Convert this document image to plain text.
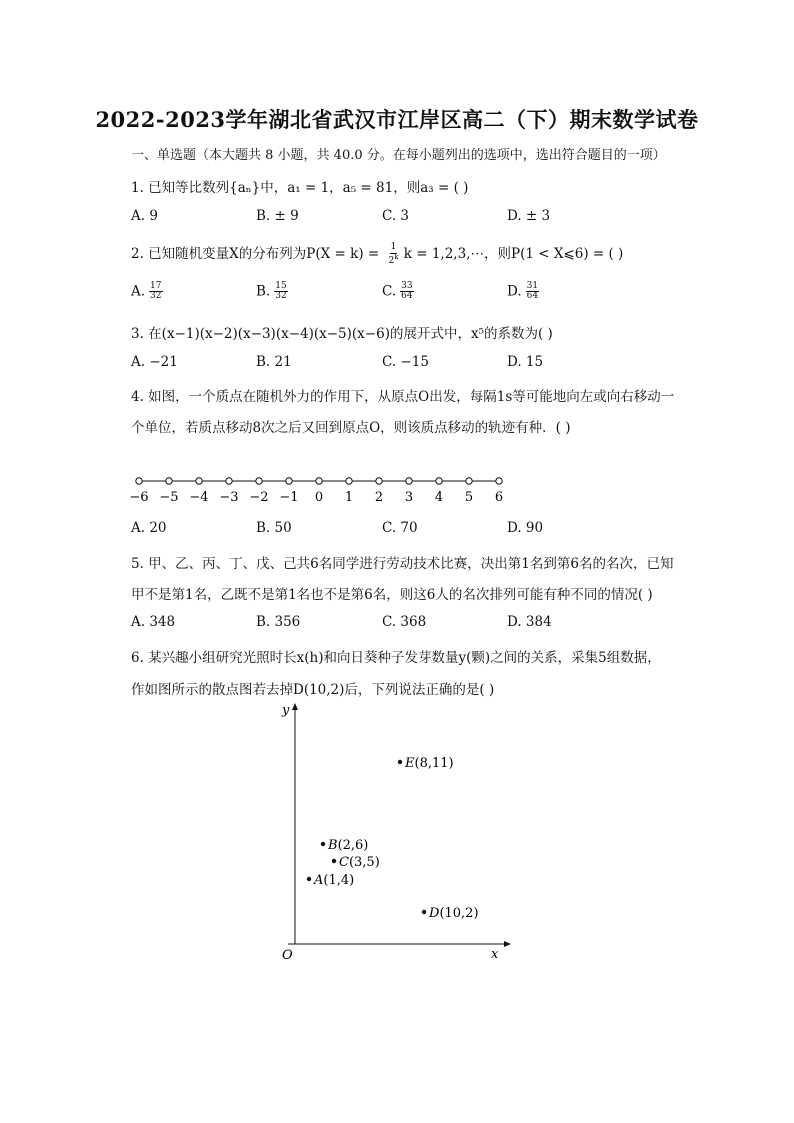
2022-2023学年湖北省武汉市江岸区高二（下）期末数学试卷
一、单选题（本大题共 8 小题，共 40.0 分。在每小题列出的选项中，选出符合题目的一项）
1. 已知等比数列{aₙ}中，a₁ = 1，a₅ = 81，则a₃ = ( )
A. 9	B. ± 9	C. 3	D. ± 3
2. 已知随机变量X的分布列为$P(X = k) = \frac{1}{2^k}$ k = 1,2,3,⋯，则P(1 < X⩽6) = ( )
A. $\frac{17}{32}$	B. $\frac{15}{32}$	C. $\frac{33}{64}$	D. $\frac{31}{64}$
3. 在(x−1)(x−2)(x−3)(x−4)(x−5)(x−6)的展开式中，x⁵的系数为( )
A. −21	B. 21	C. −15	D. 15
4. 如图，一个质点在随机外力的作用下，从原点O出发，每隔1s等可能地向左或向右移动一
个单位，若质点移动8次之后又回到原点O，则该质点移动的轨迹有种．( )
−6 −5 −4 −3 −2 −1 0 1 2 3 4 5 6
A. 20	B. 50	C. 70	D. 90
5. 甲、乙、丙、丁、戊、己共6名同学进行劳动技术比赛，决出第1名到第6名的名次，已知
甲不是第1名，乙既不是第1名也不是第6名，则这6人的名次排列可能有种不同的情况( )
A. 348	B. 356	C. 368	D. 384
6. 某兴趣小组研究光照时长x(h)和向日葵种子发芽数量y(颗)之间的关系，采集5组数据，
作如图所示的散点图若去掉D(10,2)后，下列说法正确的是( )
y
x
O
E(8,11)
B(2,6)
C(3,5)
A(1,4)
D(10,2)
